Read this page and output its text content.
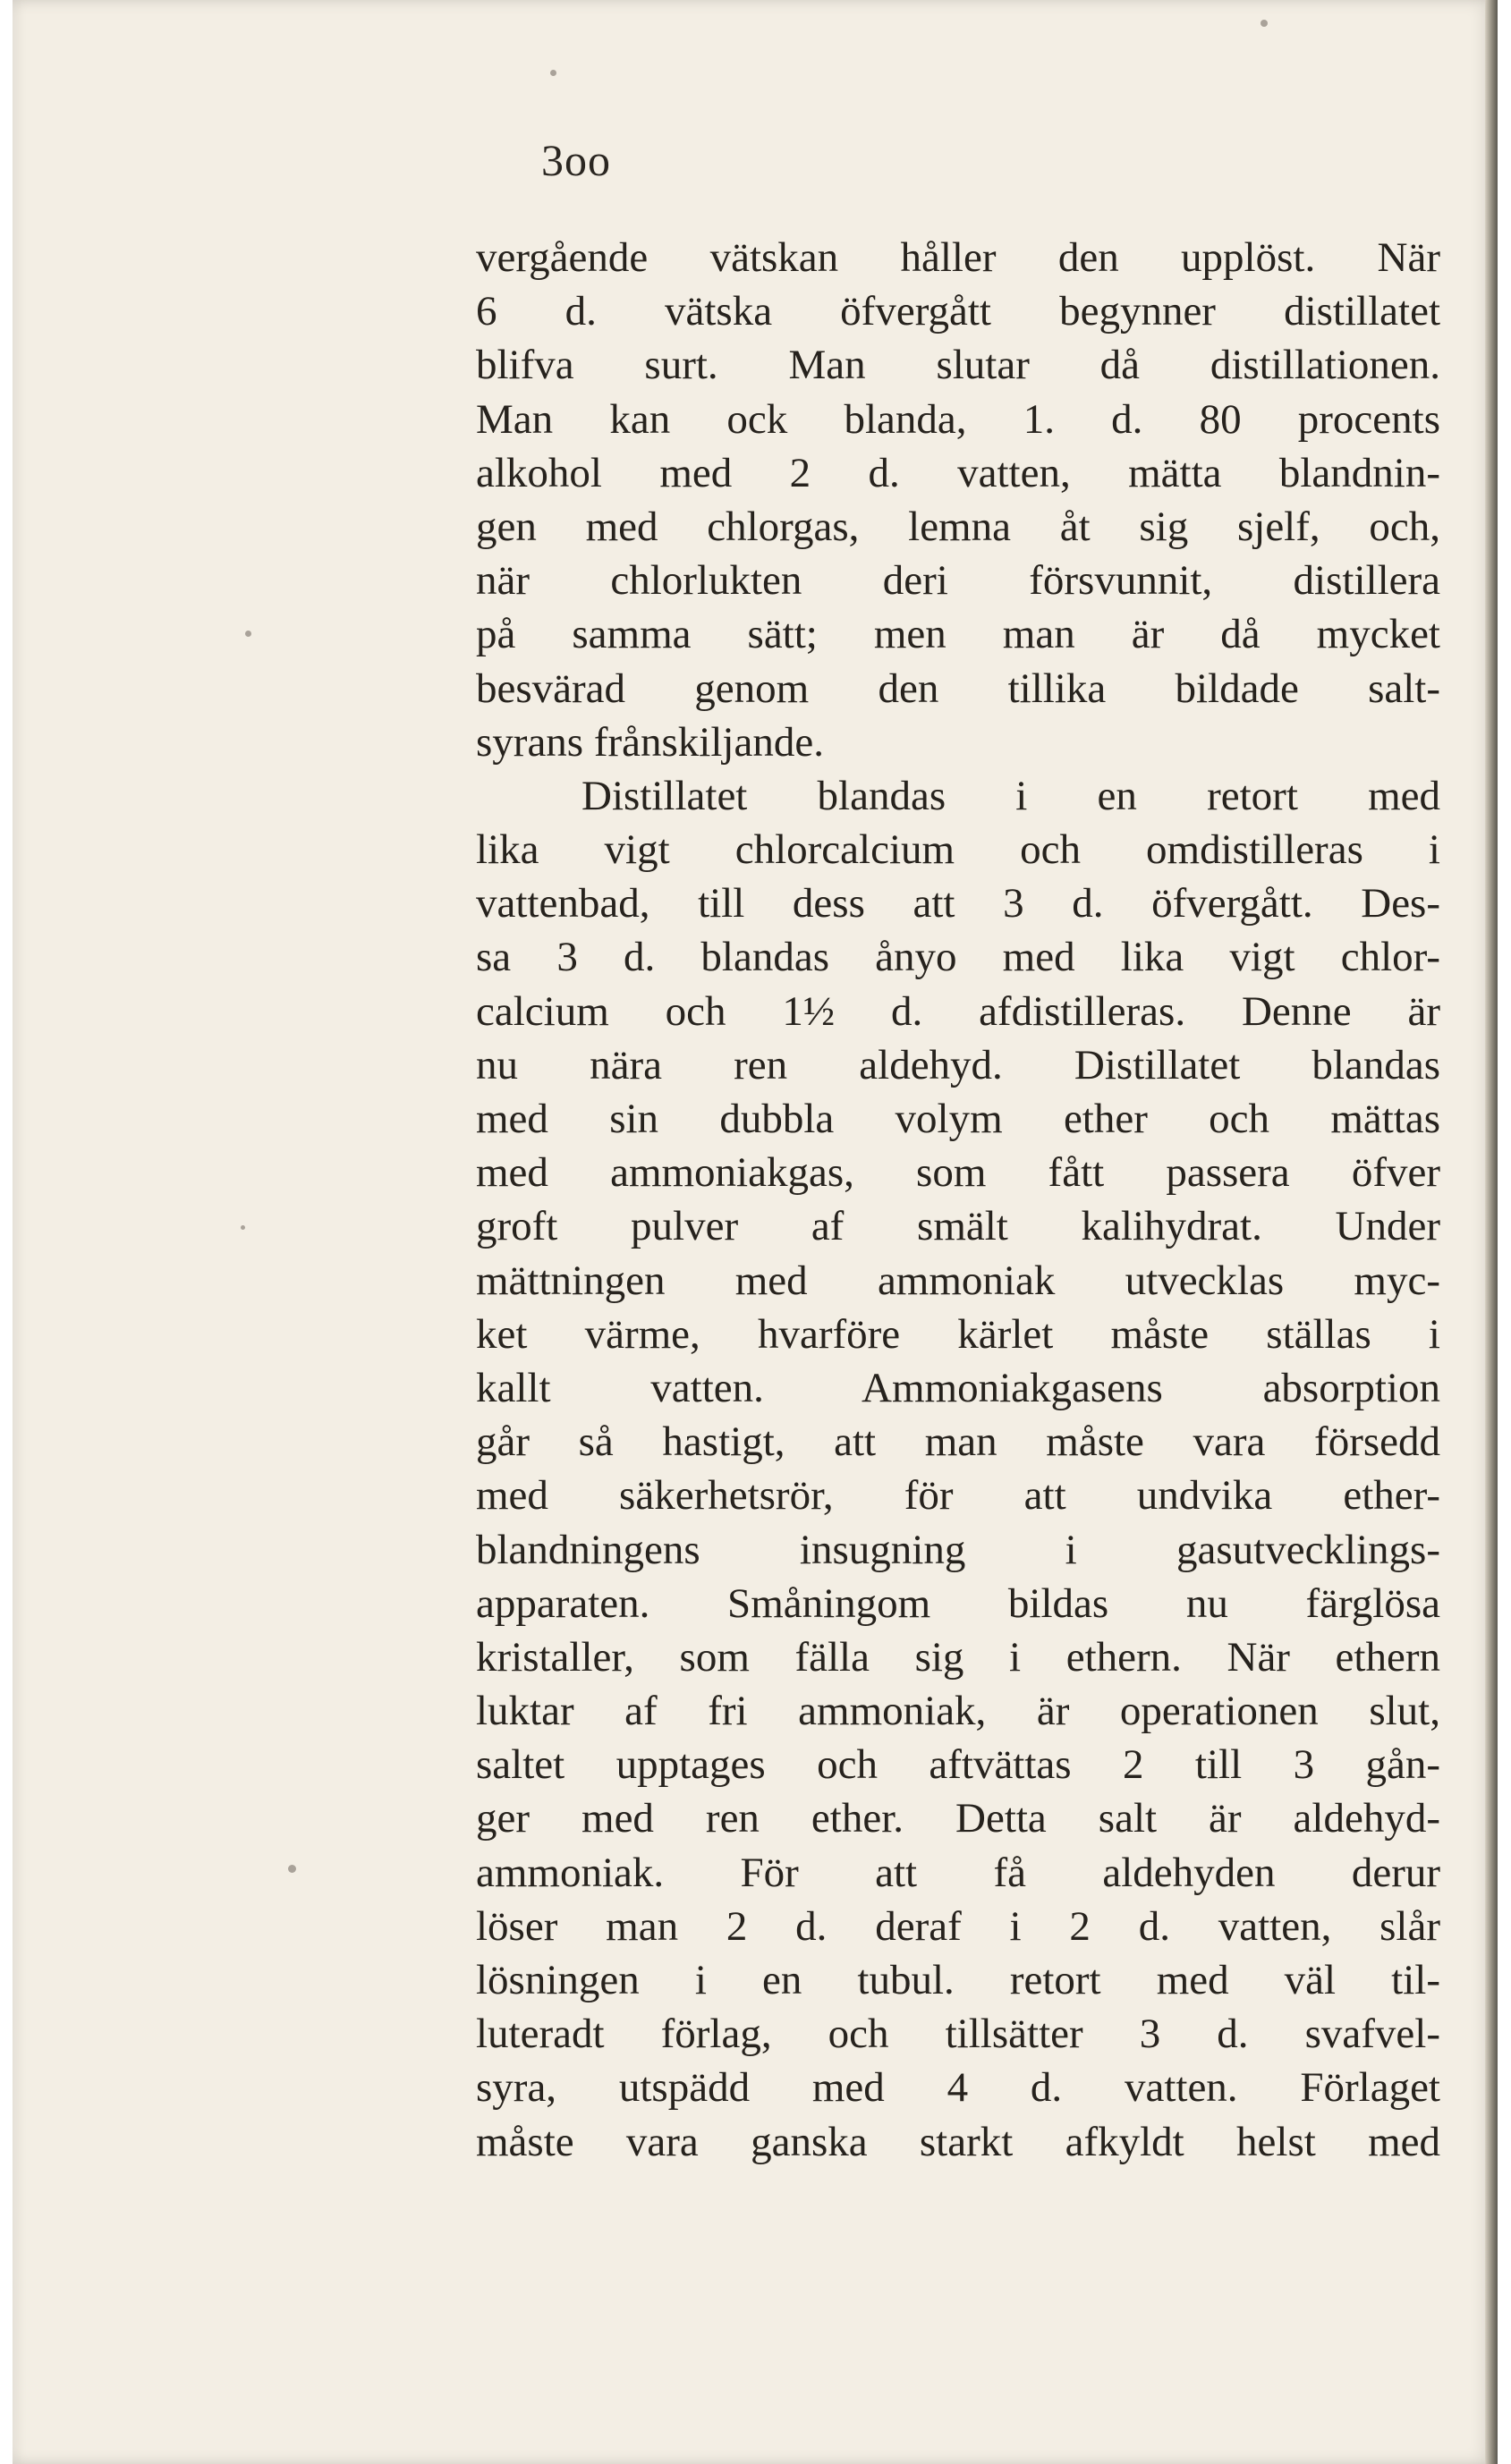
3oo
vergående vätskan håller den upplöst. När
6 d. vätska öfvergått begynner distillatet
blifva surt. Man slutar då distillationen.
Man kan ock blanda, 1. d. 80 procents
alkohol med 2 d. vatten, mätta blandnin-
gen med chlorgas, lemna åt sig sjelf, och,
när chlorlukten deri försvunnit, distillera
på samma sätt; men man är då mycket
besvärad genom den tillika bildade salt-
syrans frånskiljande.
Distillatet blandas i en retort med
lika vigt chlorcalcium och omdistilleras i
vattenbad, till dess att 3 d. öfvergått. Des-
sa 3 d. blandas ånyo med lika vigt chlor-
calcium och 1½ d. afdistilleras. Denne är
nu nära ren aldehyd. Distillatet blandas
med sin dubbla volym ether och mättas
med ammoniakgas, som fått passera öfver
groft pulver af smält kalihydrat. Under
mättningen med ammoniak utvecklas myc-
ket värme, hvarföre kärlet måste ställas i
kallt vatten. Ammoniakgasens absorption
går så hastigt, att man måste vara försedd
med säkerhetsrör, för att undvika ether-
blandningens insugning i gasutvecklings-
apparaten. Småningom bildas nu färglösa
kristaller, som fälla sig i ethern. När ethern
luktar af fri ammoniak, är operationen slut,
saltet upptages och aftvättas 2 till 3 gån-
ger med ren ether. Detta salt är aldehyd-
ammoniak. För att få aldehyden derur
löser man 2 d. deraf i 2 d. vatten, slår
lösningen i en tubul. retort med väl til-
luteradt förlag, och tillsätter 3 d. svafvel-
syra, utspädd med 4 d. vatten. Förlaget
måste vara ganska starkt afkyldt helst med
